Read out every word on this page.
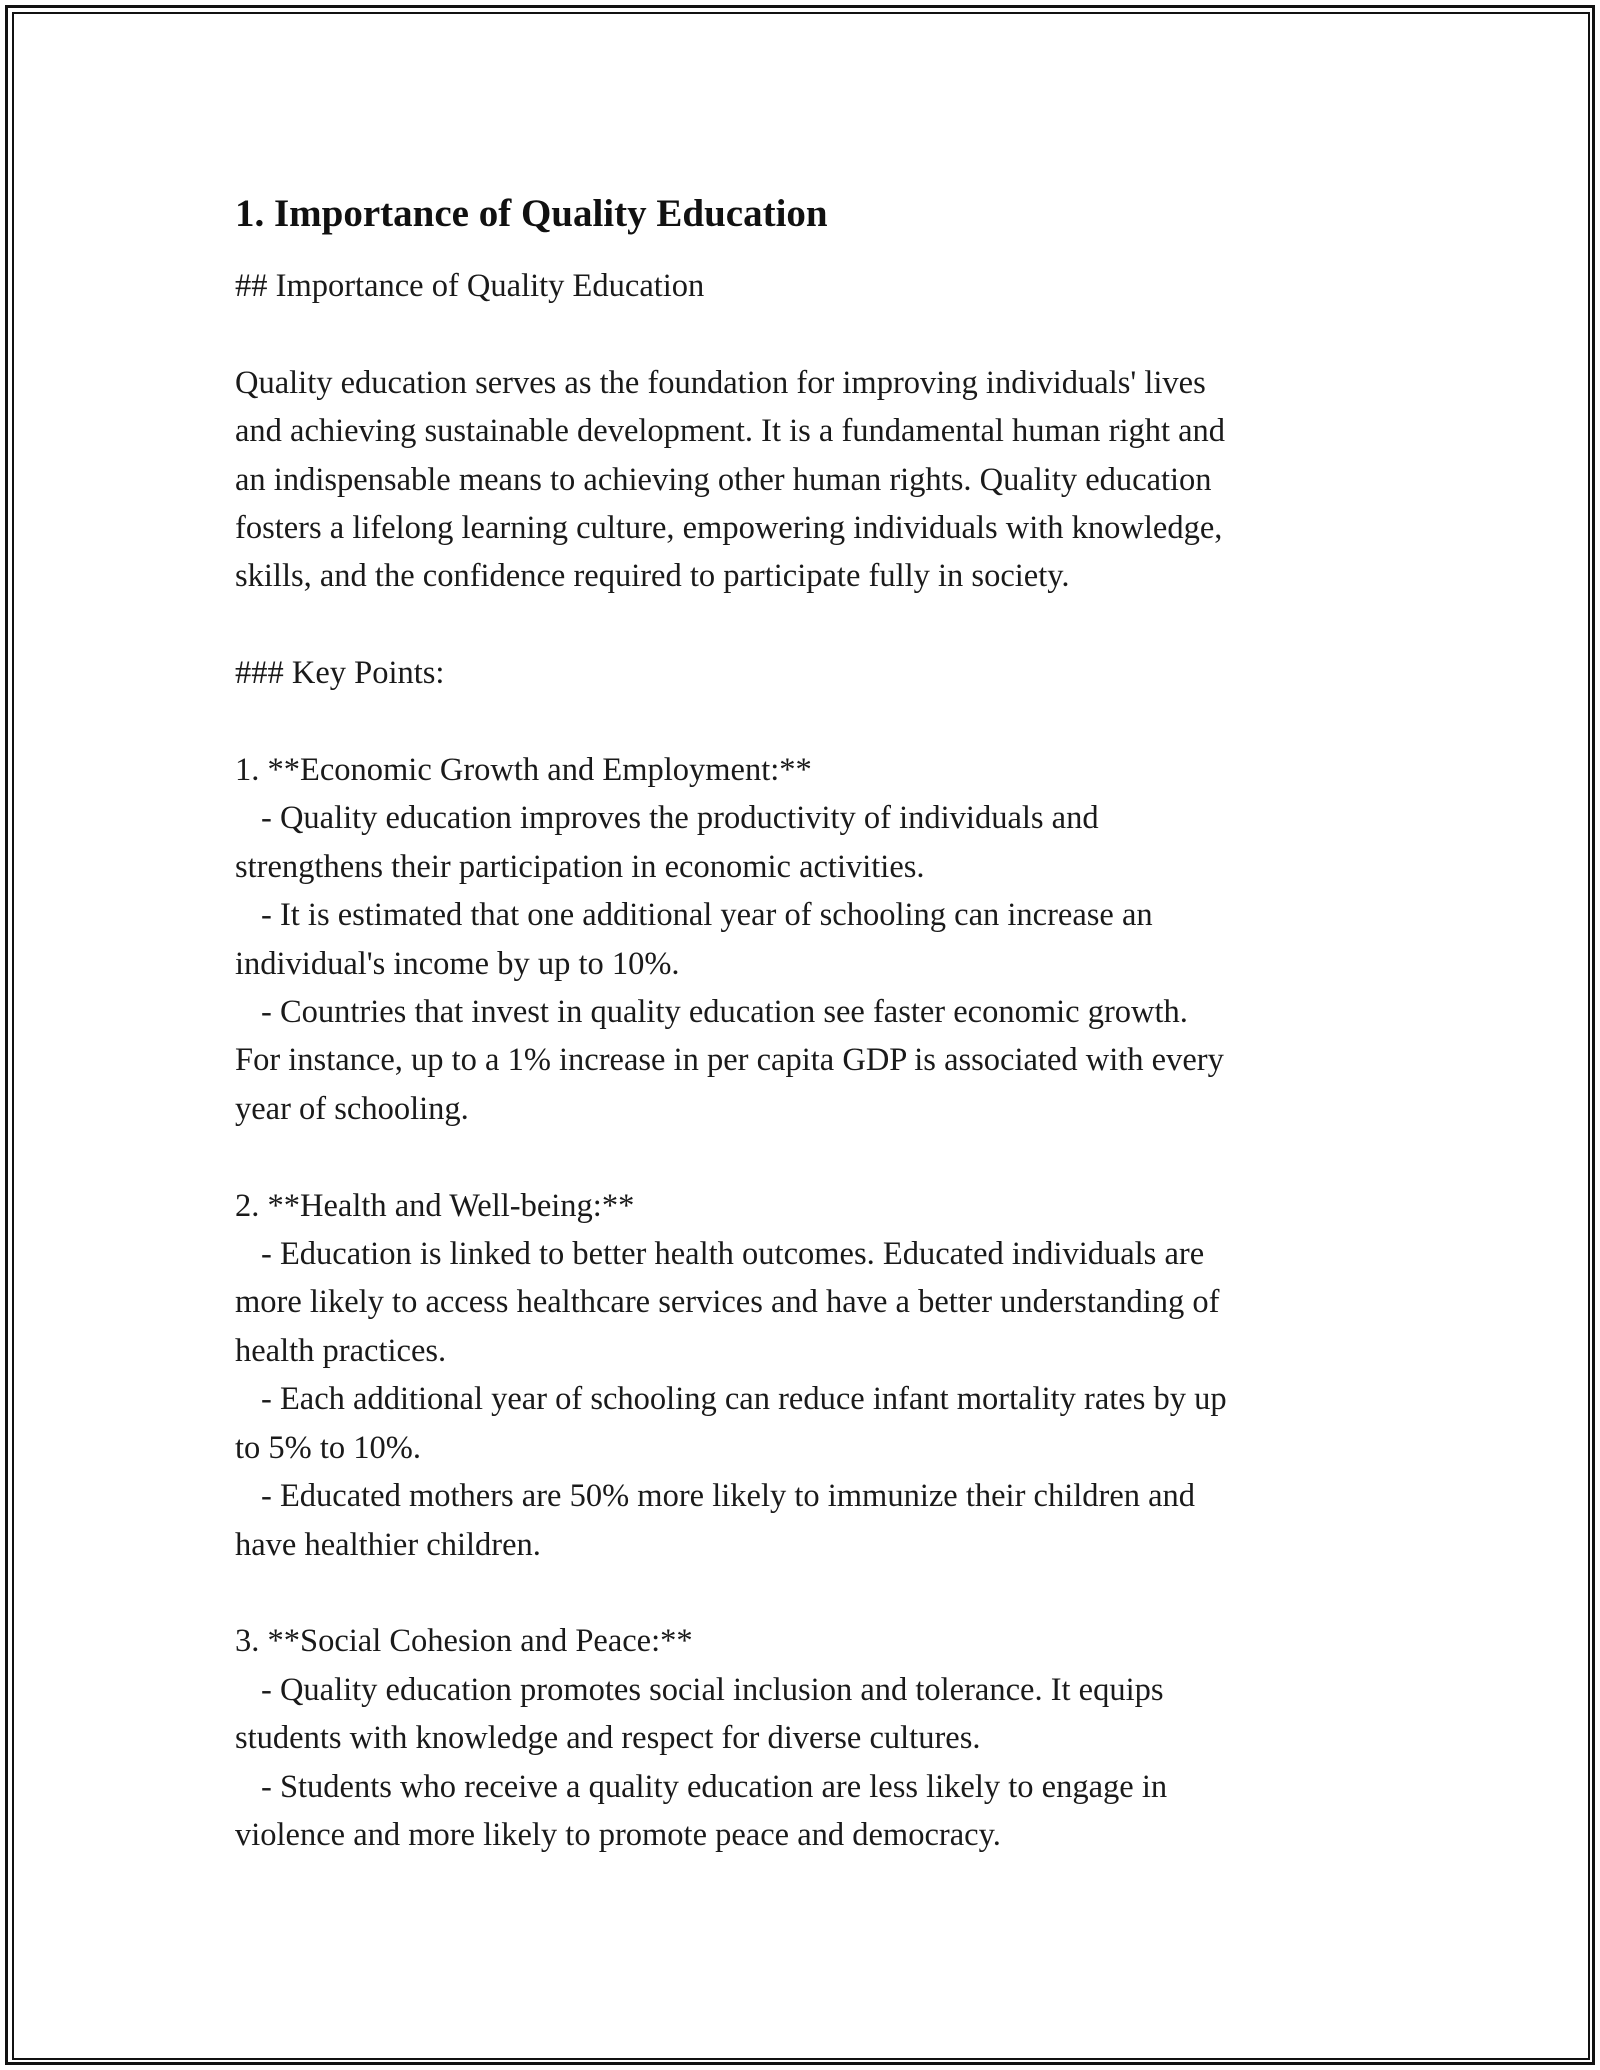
1. Importance of Quality Education
## Importance of Quality Education
Quality education serves as the foundation for improving individuals' lives
and achieving sustainable development. It is a fundamental human right and
an indispensable means to achieving other human rights. Quality education
fosters a lifelong learning culture, empowering individuals with knowledge,
skills, and the confidence required to participate fully in society.
### Key Points:
1. **Economic Growth and Employment:**
- Quality education improves the productivity of individuals and
strengthens their participation in economic activities.
- It is estimated that one additional year of schooling can increase an
individual's income by up to 10%.
- Countries that invest in quality education see faster economic growth.
For instance, up to a 1% increase in per capita GDP is associated with every
year of schooling.
2. **Health and Well-being:**
- Education is linked to better health outcomes. Educated individuals are
more likely to access healthcare services and have a better understanding of
health practices.
- Each additional year of schooling can reduce infant mortality rates by up
to 5% to 10%.
- Educated mothers are 50% more likely to immunize their children and
have healthier children.
3. **Social Cohesion and Peace:**
- Quality education promotes social inclusion and tolerance. It equips
students with knowledge and respect for diverse cultures.
- Students who receive a quality education are less likely to engage in
violence and more likely to promote peace and democracy.
